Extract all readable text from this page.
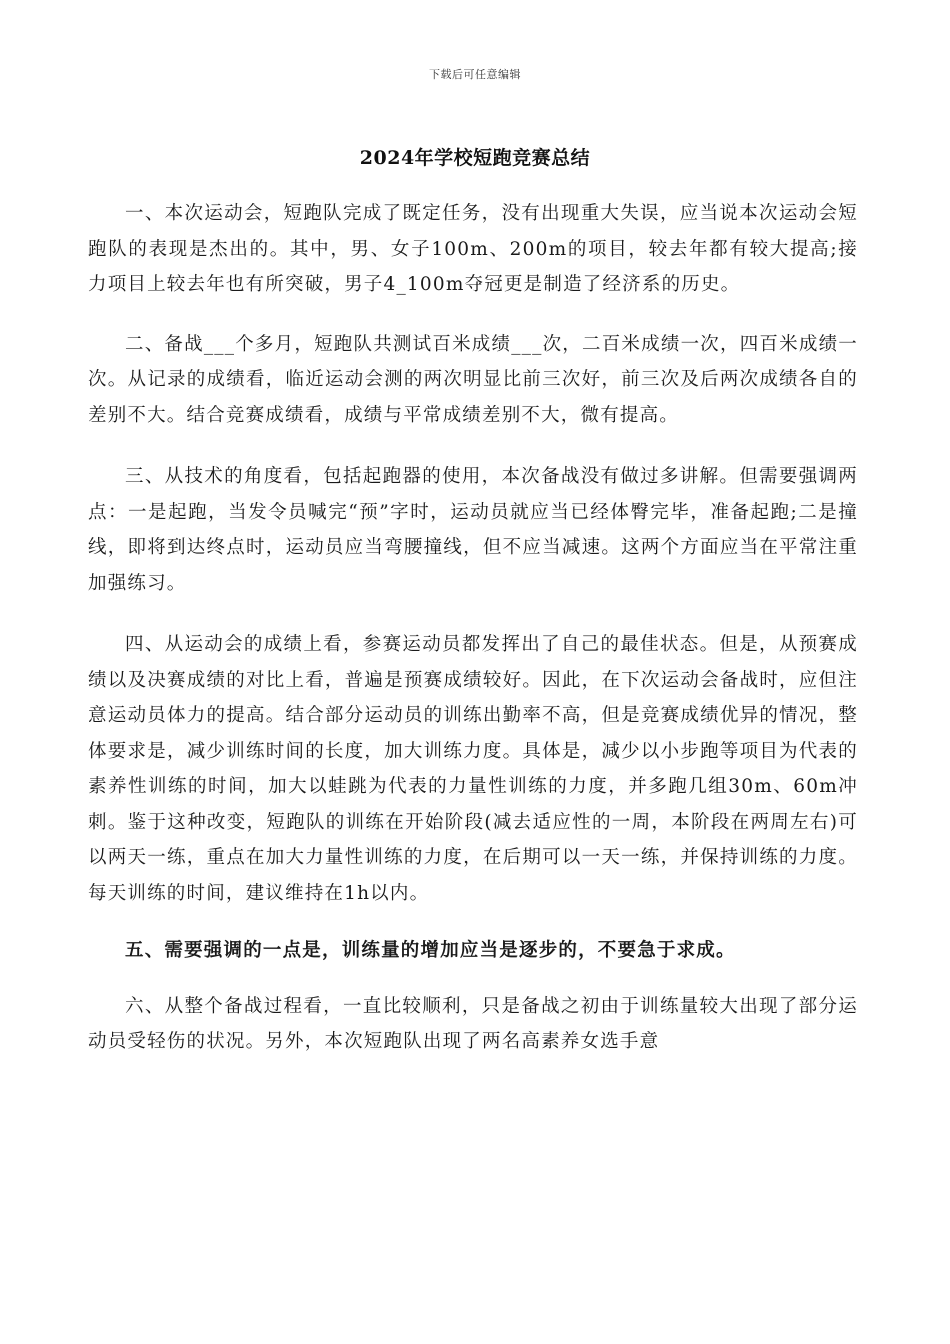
下载后可任意编辑
2024年学校短跑竞赛总结

一、本次运动会，短跑队完成了既定任务，没有出现重大失误，应当说本次运动会短跑队的表现是杰出的。其中，男、女子100m、200m的项目，较去年都有较大提高;接力项目上较去年也有所突破，男子4_100m夺冠更是制造了经济系的历史。

二、备战___个多月，短跑队共测试百米成绩___次，二百米成绩一次，四百米成绩一次。从记录的成绩看，临近运动会测的两次明显比前三次好，前三次及后两次成绩各自的差别不大。结合竞赛成绩看，成绩与平常成绩差别不大，微有提高。

三、从技术的角度看，包括起跑器的使用，本次备战没有做过多讲解。但需要强调两点：一是起跑，当发令员喊完“预”字时，运动员就应当已经体臀完毕，准备起跑;二是撞线，即将到达终点时，运动员应当弯腰撞线，但不应当减速。这两个方面应当在平常注重加强练习。

四、从运动会的成绩上看，参赛运动员都发挥出了自己的最佳状态。但是，从预赛成绩以及决赛成绩的对比上看，普遍是预赛成绩较好。因此，在下次运动会备战时，应但注意运动员体力的提高。结合部分运动员的训练出勤率不高，但是竞赛成绩优异的情况，整体要求是，减少训练时间的长度，加大训练力度。具体是，减少以小步跑等项目为代表的素养性训练的时间，加大以蛙跳为代表的力量性训练的力度，并多跑几组30m、60m冲刺。鉴于这种改变，短跑队的训练在开始阶段(减去适应性的一周，本阶段在两周左右)可以两天一练，重点在加大力量性训练的力度，在后期可以一天一练，并保持训练的力度。每天训练的时间，建议维持在1h以内。

五、需要强调的一点是，训练量的增加应当是逐步的，不要急于求成。

六、从整个备战过程看，一直比较顺利，只是备战之初由于训练量较大出现了部分运动员受轻伤的状况。另外，本次短跑队出现了两名高素养女选手意
